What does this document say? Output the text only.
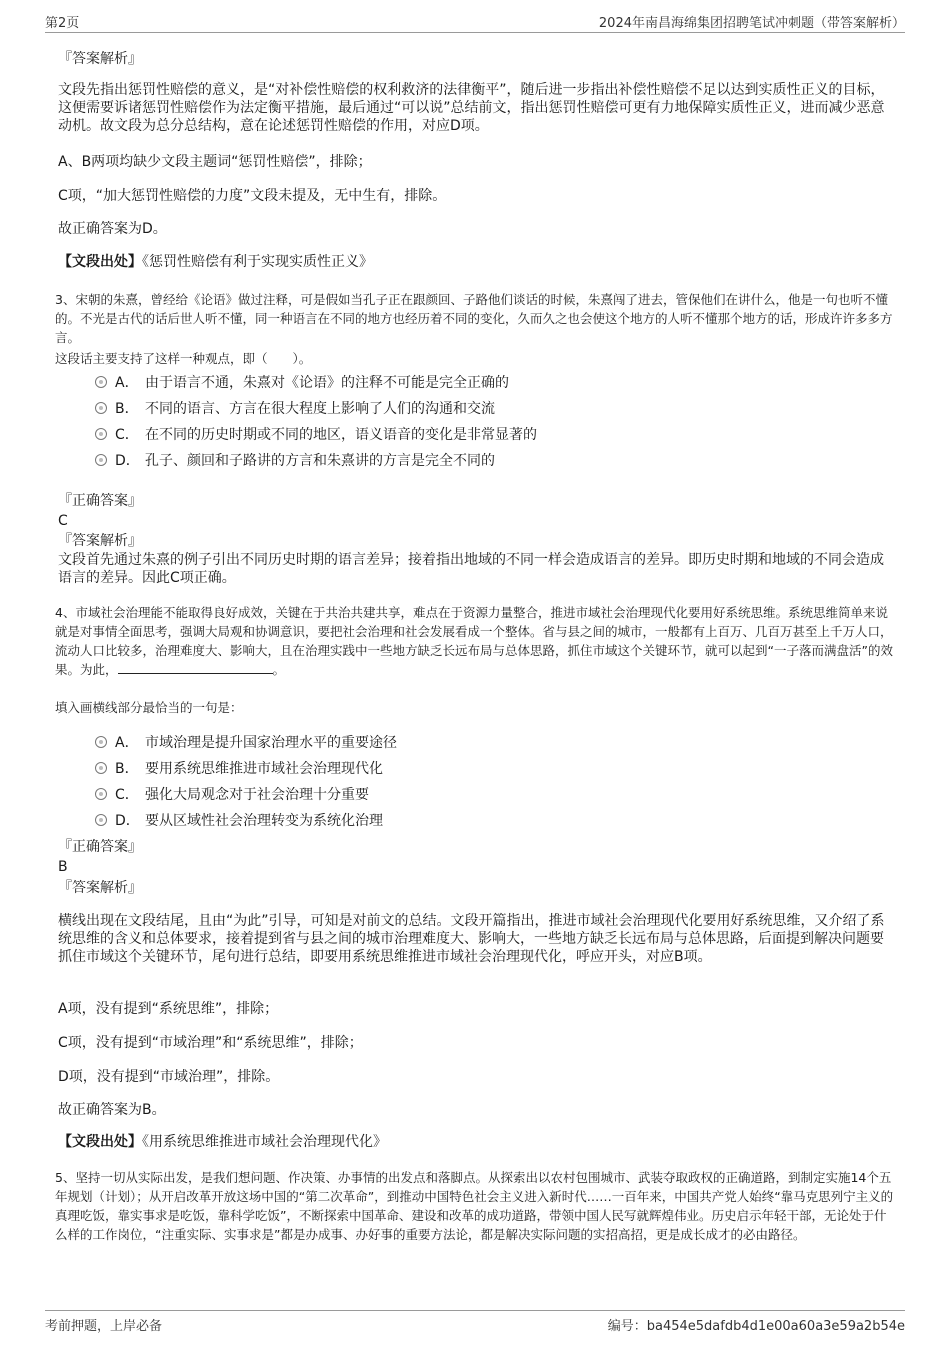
第2页	2024年南昌海绵集团招聘笔试冲刺题（带答案解析）
『答案解析』
文段先指出惩罚性赔偿的意义，是“对补偿性赔偿的权利救济的法律衡平”，随后进一步指出补偿性赔偿不足以达到实质性正义的目标，这便需要诉诸惩罚性赔偿作为法定衡平措施，最后通过“可以说”总结前文，指出惩罚性赔偿可更有力地保障实质性正义，进而减少恶意动机。故文段为总分总结构，意在论述惩罚性赔偿的作用，对应D项。
A、B两项均缺少文段主题词“惩罚性赔偿”，排除；
C项，“加大惩罚性赔偿的力度”文段未提及，无中生有，排除。
故正确答案为D。
【文段出处】《惩罚性赔偿有利于实现实质性正义》
3、宋朝的朱熹，曾经给《论语》做过注释，可是假如当孔子正在跟颜回、子路他们谈话的时候，朱熹闯了进去，管保他们在讲什么，他是一句也听不懂的。不光是古代的话后世人听不懂，同一种语言在不同的地方也经历着不同的变化，久而久之也会使这个地方的人听不懂那个地方的话，形成许许多多方言。
这段话主要支持了这样一种观点，即（　　）。
A． 由于语言不通，朱熹对《论语》的注释不可能是完全正确的
B． 不同的语言、方言在很大程度上影响了人们的沟通和交流
C． 在不同的历史时期或不同的地区，语义语音的变化是非常显著的
D． 孔子、颜回和子路讲的方言和朱熹讲的方言是完全不同的
『正确答案』
C
『答案解析』
文段首先通过朱熹的例子引出不同历史时期的语言差异；接着指出地域的不同一样会造成语言的差异。即历史时期和地域的不同会造成语言的差异。因此C项正确。
4、市域社会治理能不能取得良好成效，关键在于共治共建共享，难点在于资源力量整合，推进市域社会治理现代化要用好系统思维。系统思维简单来说就是对事情全面思考，强调大局观和协调意识，要把社会治理和社会发展看成一个整体。省与县之间的城市，一般都有上百万、几百万甚至上千万人口，流动人口比较多，治理难度大、影响大，且在治理实践中一些地方缺乏长远布局与总体思路，抓住市域这个关键环节，就可以起到“一子落而满盘活”的效果。为此，	。
填入画横线部分最恰当的一句是：
A． 市域治理是提升国家治理水平的重要途径
B． 要用系统思维推进市域社会治理现代化
C． 强化大局观念对于社会治理十分重要
D． 要从区域性社会治理转变为系统化治理
『正确答案』
B
『答案解析』
横线出现在文段结尾，且由“为此”引导，可知是对前文的总结。文段开篇指出，推进市域社会治理现代化要用好系统思维，又介绍了系统思维的含义和总体要求，接着提到省与县之间的城市治理难度大、影响大，一些地方缺乏长远布局与总体思路，后面提到解决问题要抓住市域这个关键环节，尾句进行总结，即要用系统思维推进市域社会治理现代化，呼应开头，对应B项。
A项，没有提到“系统思维”，排除；
C项，没有提到“市域治理”和“系统思维”，排除；
D项，没有提到“市域治理”，排除。
故正确答案为B。
【文段出处】《用系统思维推进市域社会治理现代化》
5、坚持一切从实际出发，是我们想问题、作决策、办事情的出发点和落脚点。从探索出以农村包围城市、武装夺取政权的正确道路，到制定实施14个五年规划（计划）；从开启改革开放这场中国的“第二次革命”，到推动中国特色社会主义进入新时代……一百年来，中国共产党人始终“靠马克思列宁主义的真理吃饭，靠实事求是吃饭，靠科学吃饭”，不断探索中国革命、建设和改革的成功道路，带领中国人民写就辉煌伟业。历史启示年轻干部，无论处于什么样的工作岗位，“注重实际、实事求是”都是办成事、办好事的重要方法论，都是解决实际问题的实招高招，更是成长成才的必由路径。
考前押题，上岸必备	编号：ba454e5dafdb4d1e00a60a3e59a2b54e
